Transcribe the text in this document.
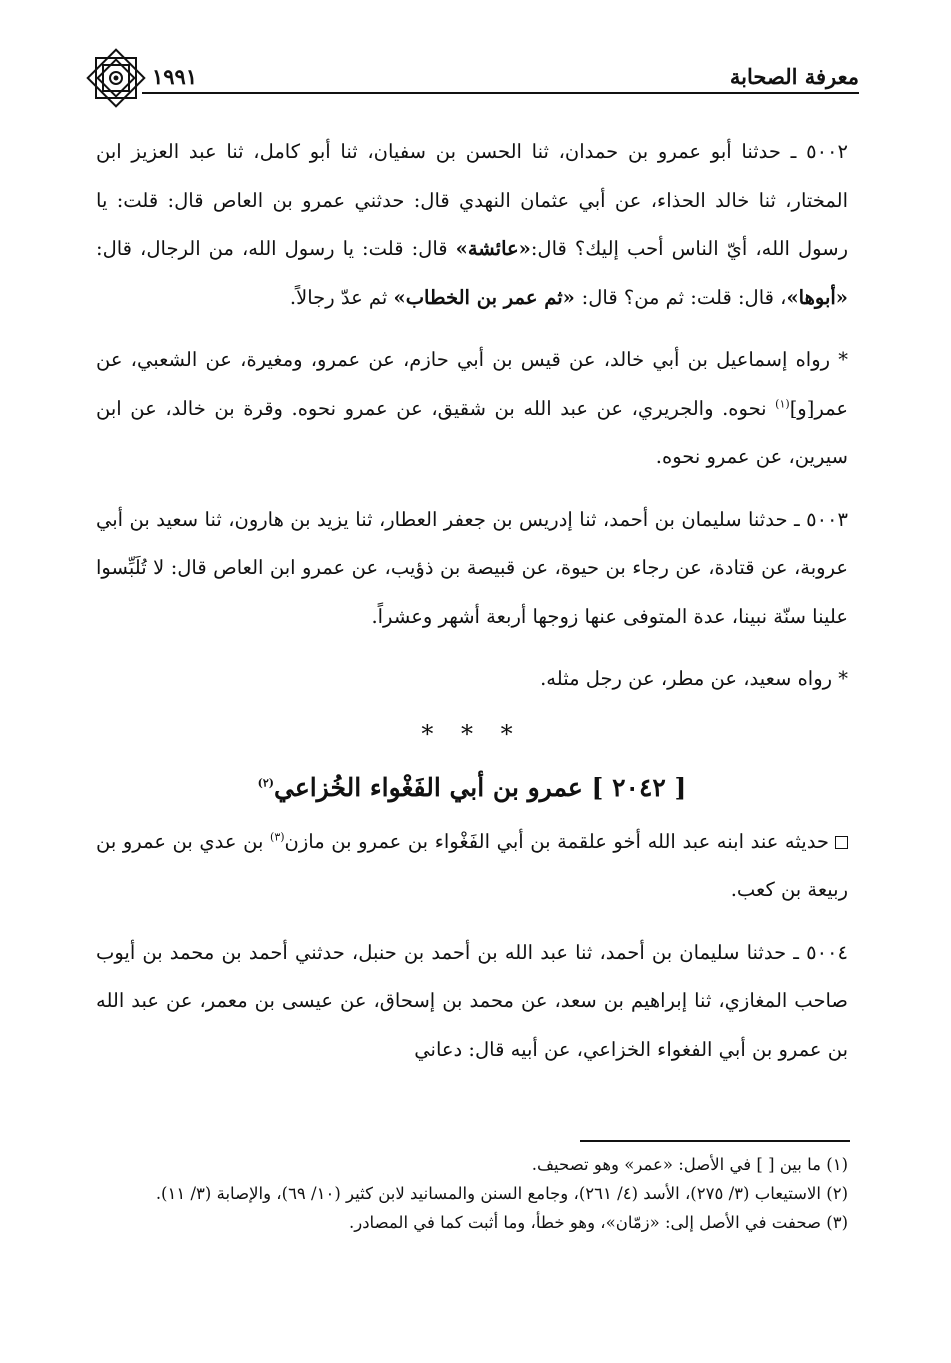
معرفة الصحابة
١٩٩١

٥٠٠٢ ـ حدثنا أبو عمرو بن حمدان، ثنا الحسن بن سفيان، ثنا أبو كامل، ثنا عبد العزيز ابن المختار، ثنا خالد الحذاء، عن أبي عثمان النهدي قال: حدثني عمرو بن العاص قال: قلت: يا رسول الله، أيّ الناس أحب إليك؟ قال:«عائشة» قال: قلت: يا رسول الله، من الرجال، قال: «أبوها»، قال: قلت: ثم من؟ قال: «ثم عمر بن الخطاب» ثم عدّ رجالاً.

* رواه إسماعيل بن أبي خالد، عن قيس بن أبي حازم، عن عمرو، ومغيرة، عن الشعبي، عن عمر[و]$^{(١)}$ نحوه. والجريري، عن عبد الله بن شقيق، عن عمرو نحوه. وقرة بن خالد، عن ابن سيرين، عن عمرو نحوه.

٥٠٠٣ ـ حدثنا سليمان بن أحمد، ثنا إدريس بن جعفر العطار، ثنا يزيد بن هارون، ثنا سعيد بن أبي عروبة، عن قتادة، عن رجاء بن حيوة، عن قبيصة بن ذؤيب، عن عمرو ابن العاص قال: لا تُلَبِّسوا علينا سنّة نبينا، عدة المتوفى عنها زوجها أربعة أشهر وعشراً.

* رواه سعيد، عن مطر، عن رجل مثله.

* * *
[ ٢٠٤٢ ] عمرو بن أبي الفَغْواء الخُزاعي$^{(٢)}$

حديثه عند ابنه عبد الله أخو علقمة بن أبي الفَغْواء بن عمرو بن مازن$^{(٣)}$ بن عدي بن عمرو بن ربيعة بن كعب.

٥٠٠٤ ـ حدثنا سليمان بن أحمد، ثنا عبد الله بن أحمد بن حنبل، حدثني أحمد بن محمد بن أيوب صاحب المغازي، ثنا إبراهيم بن سعد، عن محمد بن إسحاق، عن عيسى بن معمر، عن عبد الله بن عمرو بن أبي الفغواء الخزاعي، عن أبيه قال: دعاني

(١) ما بين [ ] في الأصل: «عمر» وهو تصحيف.

(٢) الاستيعاب (٣/ ٢٧٥)، الأسد (٤/ ٢٦١)، وجامع السنن والمسانيد لابن كثير (١٠/ ٦٩)، والإصابة (٣/ ١١).

(٣) صحفت في الأصل إلى: «زمّان»، وهو خطأ، وما أثبت كما في المصادر.
